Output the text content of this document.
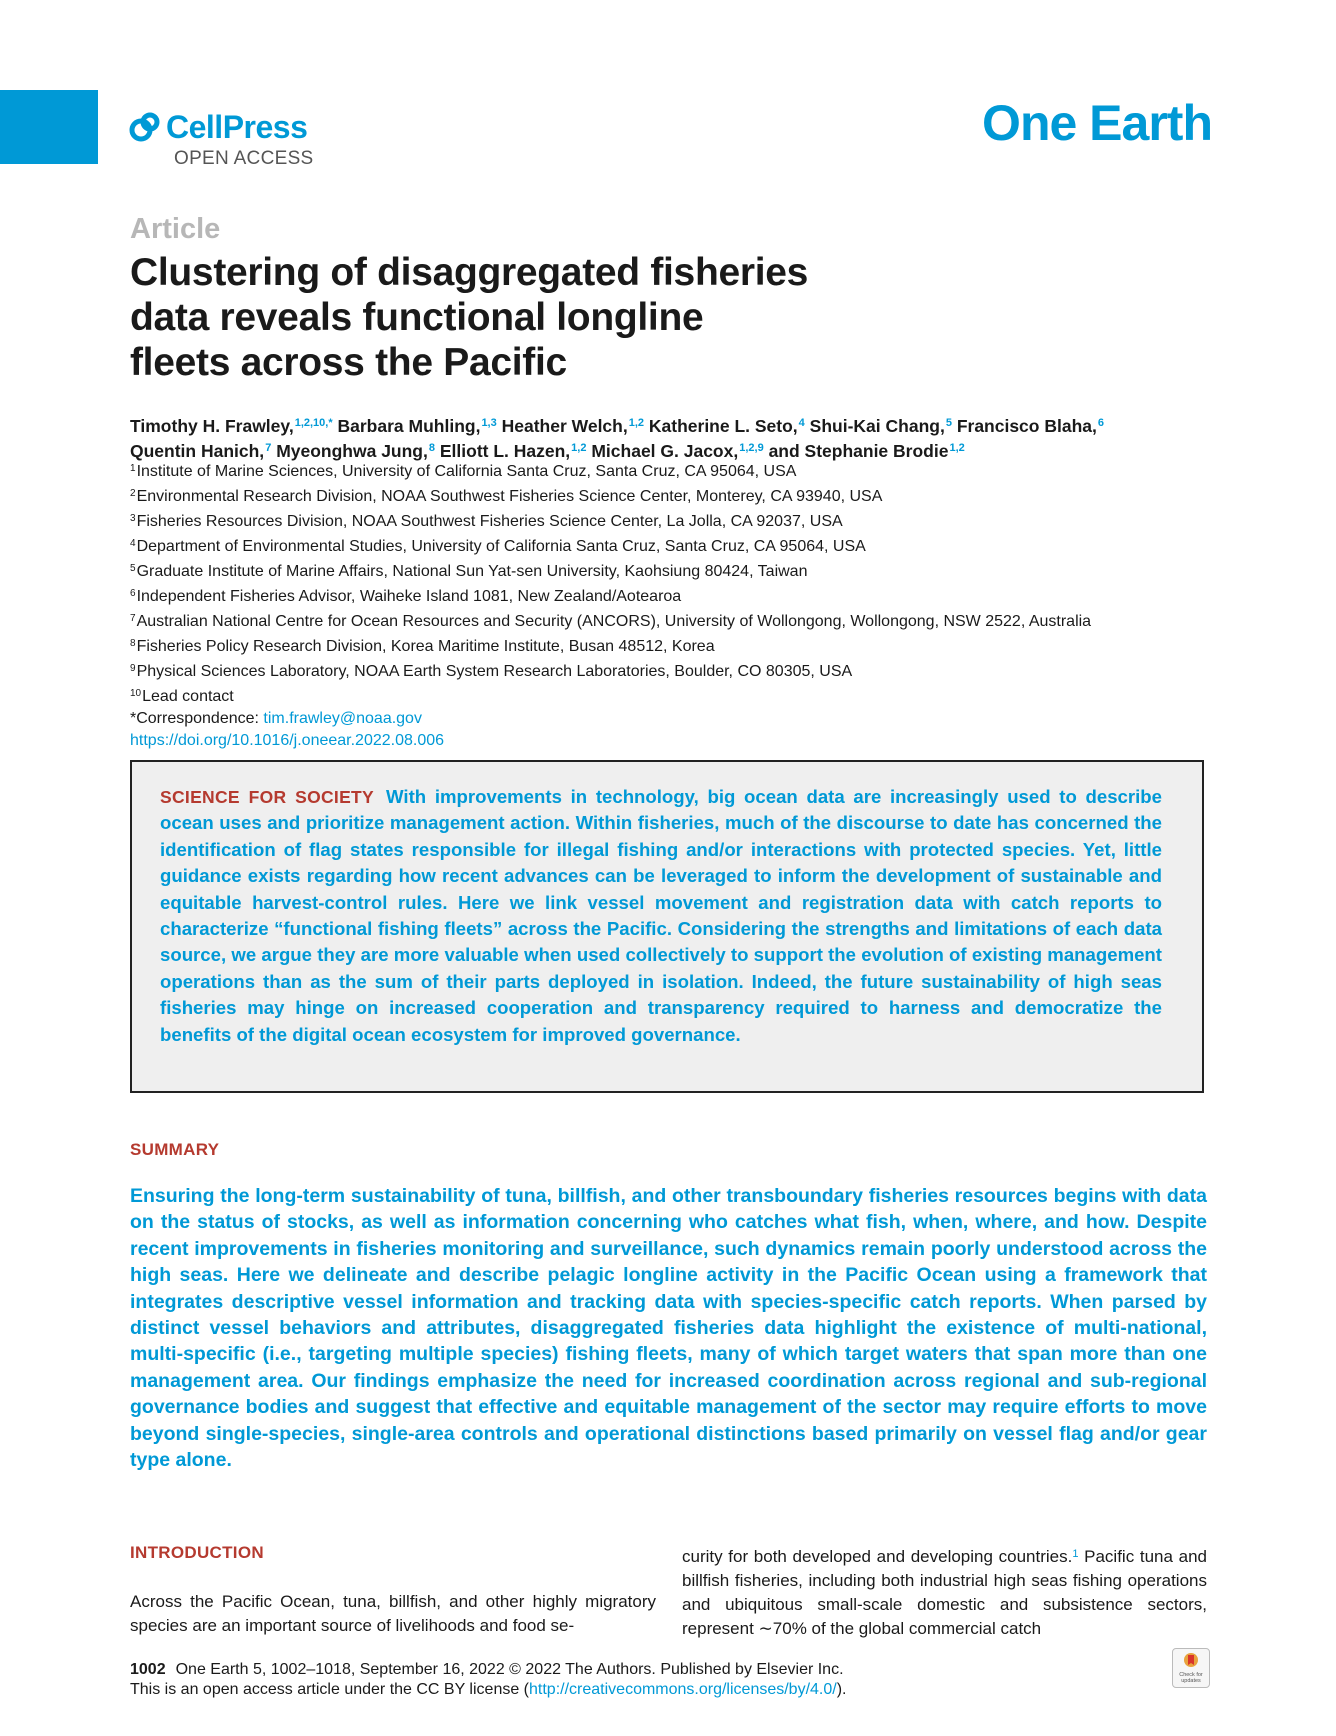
CellPress
OPEN ACCESS
One Earth
Article
Clustering of disaggregated fisheries
data reveals functional longline
fleets across the Pacific
Timothy H. Frawley,$^{1,2,10,*}$ Barbara Muhling,$^{1,3}$ Heather Welch,$^{1,2}$ Katherine L. Seto,$^4$ Shui-Kai Chang,$^5$ Francisco Blaha,$^6$
Quentin Hanich,$^7$ Myeonghwa Jung,$^8$ Elliott L. Hazen,$^{1,2}$ Michael G. Jacox,$^{1,2,9}$ and Stephanie Brodie$^{1,2}$
$^1$Institute of Marine Sciences, University of California Santa Cruz, Santa Cruz, CA 95064, USA
$^2$Environmental Research Division, NOAA Southwest Fisheries Science Center, Monterey, CA 93940, USA
$^3$Fisheries Resources Division, NOAA Southwest Fisheries Science Center, La Jolla, CA 92037, USA
$^4$Department of Environmental Studies, University of California Santa Cruz, Santa Cruz, CA 95064, USA
$^5$Graduate Institute of Marine Affairs, National Sun Yat-sen University, Kaohsiung 80424, Taiwan
$^6$Independent Fisheries Advisor, Waiheke Island 1081, New Zealand/Aotearoa
$^7$Australian National Centre for Ocean Resources and Security (ANCORS), University of Wollongong, Wollongong, NSW 2522, Australia
$^8$Fisheries Policy Research Division, Korea Maritime Institute, Busan 48512, Korea
$^9$Physical Sciences Laboratory, NOAA Earth System Research Laboratories, Boulder, CO 80305, USA
$^{10}$Lead contact
*Correspondence: tim.frawley@noaa.gov
https://doi.org/10.1016/j.oneear.2022.08.006
SCIENCE FOR SOCIETY With improvements in technology, big ocean data are increasingly used to describe ocean uses and prioritize management action. Within fisheries, much of the discourse to date has concerned the identification of flag states responsible for illegal fishing and/or interactions with protected species. Yet, little guidance exists regarding how recent advances can be leveraged to inform the development of sustainable and equitable harvest-control rules. Here we link vessel movement and registration data with catch reports to characterize “functional fishing fleets” across the Pacific. Considering the strengths and limitations of each data source, we argue they are more valuable when used collectively to support the evolution of existing management operations than as the sum of their parts deployed in isolation. Indeed, the future sustainability of high seas fisheries may hinge on increased cooperation and transparency required to harness and democratize the benefits of the digital ocean ecosystem for improved governance.
SUMMARY
Ensuring the long-term sustainability of tuna, billfish, and other transboundary fisheries resources begins with data on the status of stocks, as well as information concerning who catches what fish, when, where, and how. Despite recent improvements in fisheries monitoring and surveillance, such dynamics remain poorly understood across the high seas. Here we delineate and describe pelagic longline activity in the Pacific Ocean using a framework that integrates descriptive vessel information and tracking data with species-specific catch reports. When parsed by distinct vessel behaviors and attributes, disaggregated fisheries data highlight the existence of multi-national, multi-specific (i.e., targeting multiple species) fishing fleets, many of which target waters that span more than one management area. Our findings emphasize the need for increased coordination across regional and sub-regional governance bodies and suggest that effective and equitable management of the sector may require efforts to move beyond single-species, single-area controls and operational distinctions based primarily on vessel flag and/or gear type alone.
INTRODUCTION
Across the Pacific Ocean, tuna, billfish, and other highly migratory species are an important source of livelihoods and food se-
curity for both developed and developing countries.$^1$ Pacific tuna and billfish fisheries, including both industrial high seas fishing operations and ubiquitous small-scale domestic and subsistence sectors, represent ∼70% of the global commercial catch
1002 One Earth 5, 1002–1018, September 16, 2022 © 2022 The Authors. Published by Elsevier Inc.
This is an open access article under the CC BY license (http://creativecommons.org/licenses/by/4.0/).
Check for updates
